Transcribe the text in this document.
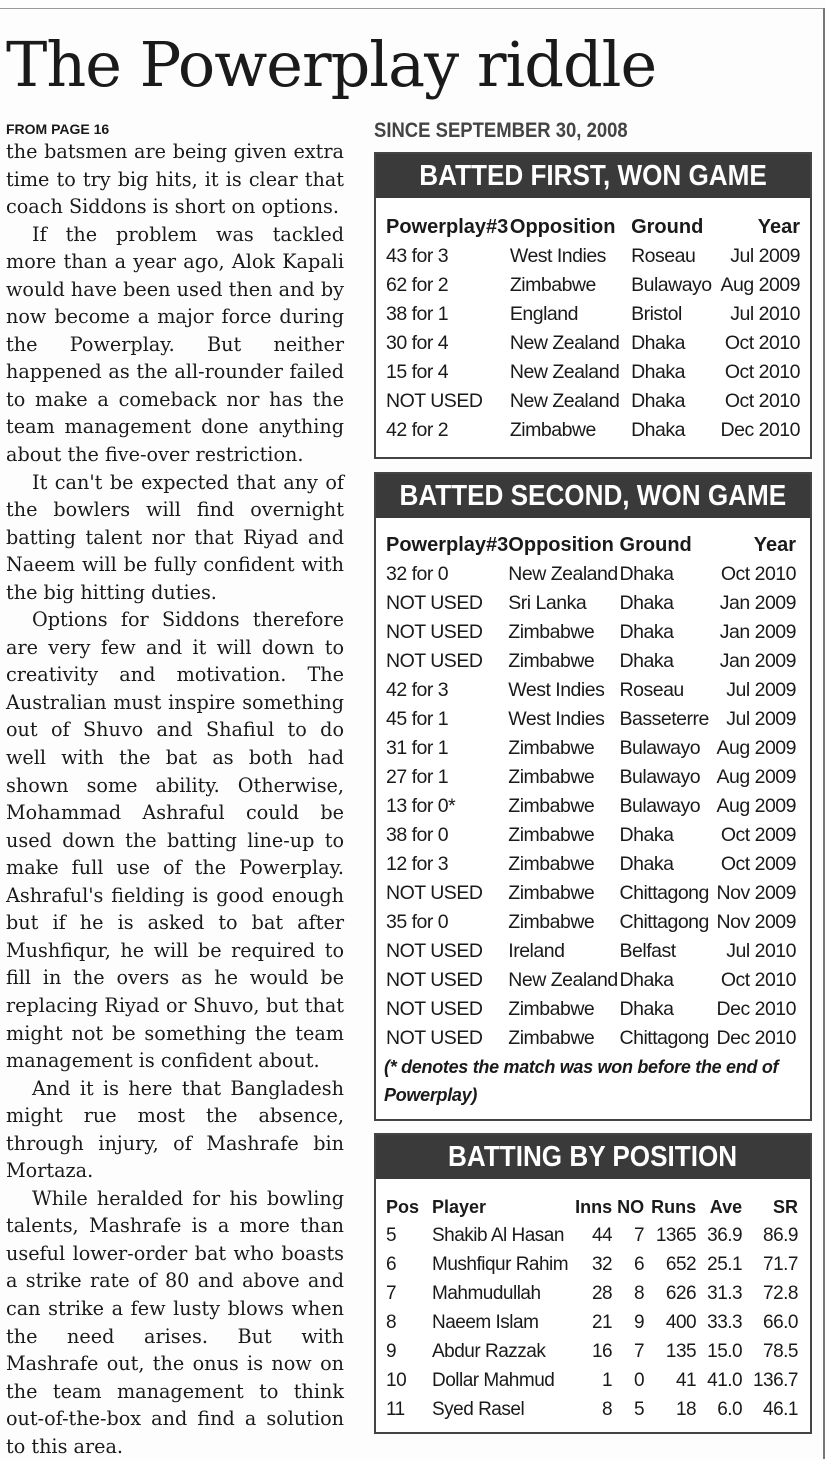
The Powerplay riddle
FROM PAGE 16

the batsmen are being given extra time to try big hits, it is clear that coach Siddons is short on options.

If the problem was tackled more than a year ago, Alok Kapali would have been used then and by now become a major force during the Powerplay. But neither happened as the all-rounder failed to make a comeback nor has the team management done anything about the five-over restriction.

It can't be expected that any of the bowlers will find overnight batting talent nor that Riyad and Naeem will be fully confident with the big hitting duties.

Options for Siddons therefore are very few and it will down to creativity and motivation. The Australian must inspire something out of Shuvo and Shafiul to do well with the bat as both had shown some ability. Otherwise, Mohammad Ashraful could be used down the batting line-up to make full use of the Powerplay. Ashraful's fielding is good enough but if he is asked to bat after Mushfiqur, he will be required to fill in the overs as he would be replacing Riyad or Shuvo, but that might not be something the team management is confident about.

And it is here that Bangladesh might rue most the absence, through injury, of Mashrafe bin Mortaza.

While heralded for his bowling talents, Mashrafe is a more than useful lower-order bat who boasts a strike rate of 80 and above and can strike a few lusty blows when the need arises. But with Mashrafe out, the onus is now on the team management to think out-of-the-box and find a solution to this area.

SINCE SEPTEMBER 30, 2008
BATTED FIRST, WON GAME
Powerplay#3	Opposition	Ground	Year
43 for 3	West Indies	Roseau	Jul 2009
62 for 2	Zimbabwe	Bulawayo	Aug 2009
38 for 1	England	Bristol	Jul 2010
30 for 4	New Zealand	Dhaka	Oct 2010
15 for 4	New Zealand	Dhaka	Oct 2010
NOT USED	New Zealand	Dhaka	Oct 2010
42 for 2	Zimbabwe	Dhaka	Dec 2010
BATTED SECOND, WON GAME
Powerplay#3	Opposition	Ground	Year
32 for 0	New Zealand	Dhaka	Oct 2010
NOT USED	Sri Lanka	Dhaka	Jan 2009
NOT USED	Zimbabwe	Dhaka	Jan 2009
NOT USED	Zimbabwe	Dhaka	Jan 2009
42 for 3	West Indies	Roseau	Jul 2009
45 for 1	West Indies	Basseterre	Jul 2009
31 for 1	Zimbabwe	Bulawayo	Aug 2009
27 for 1	Zimbabwe	Bulawayo	Aug 2009
13 for 0*	Zimbabwe	Bulawayo	Aug 2009
38 for 0	Zimbabwe	Dhaka	Oct 2009
12 for 3	Zimbabwe	Dhaka	Oct 2009
NOT USED	Zimbabwe	Chittagong	Nov 2009
35 for 0	Zimbabwe	Chittagong	Nov 2009
NOT USED	Ireland	Belfast	Jul 2010
NOT USED	New Zealand	Dhaka	Oct 2010
NOT USED	Zimbabwe	Dhaka	Dec 2010
NOT USED	Zimbabwe	Chittagong	Dec 2010
(* denotes the match was won before the end of Powerplay)
BATTING BY POSITION
Pos	Player	Inns	NO	Runs	Ave	SR
5	Shakib Al Hasan	44	7	1365	36.9	86.9
6	Mushfiqur Rahim	32	6	652	25.1	71.7
7	Mahmudullah	28	8	626	31.3	72.8
8	Naeem Islam	21	9	400	33.3	66.0
9	Abdur Razzak	16	7	135	15.0	78.5
10	Dollar Mahmud	1	0	41	41.0	136.7
11	Syed Rasel	8	5	18	6.0	46.1
